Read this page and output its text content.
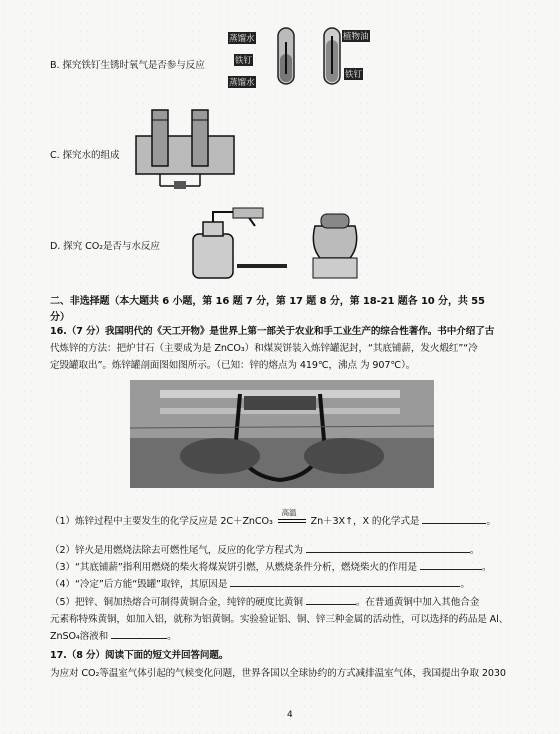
蒸馏水
铁钉
蒸馏水
植物油
铁钉
B. 探究铁钉生锈时氧气是否参与反应
C. 探究水的组成
D. 探究 CO₂是否与水反应
二、非选择题（本大题共 6 小题，第 16 题 7 分，第 17 题 8 分，第 18-21 题各 10 分，共 55
分）
16.（7 分）我国明代的《天工开物》是世界上第一部关于农业和手工业生产的综合性著作。书中介绍了古
代炼锌的方法：把炉甘石（主要成为是 ZnCO₃）和煤炭饼装入炼锌罐泥封，“其底铺薪，发火煅红”“冷
定毁罐取出”。炼锌罐剖面图如图所示。（已知：锌的熔点为 419℃，沸点 为 907℃）。
（1）炼锌过程中主要发生的化学反应是 2C＋ZnCO₃
高温
Zn＋3X↑，X 的化学式是	。
（2）锌火是用燃烧法除去可燃性尾气，反应的化学方程式为	。
（3）“其底铺薪”指利用燃烧的柴火将煤炭饼引燃，从燃烧条件分析，燃烧柴火的作用是	。
（4）“冷定”后方能“毁罐”取锌，其原因是	。
（5）把锌、铜加热熔合可制得黄铜合金，纯锌的硬度比黄铜	。在普通黄铜中加入其他合金
元素称特殊黄铜，如加入铝，就称为铝黄铜。实验验证铝、铜、锌三种金属的活动性，可以选择的药品是 Al、
ZnSO₄溶液和	。
17.（8 分）阅读下面的短文并回答问题。
为应对 CO₂等温室气体引起的气候变化问题，世界各国以全球协约的方式减排温室气体，我国提出争取 2030
4
